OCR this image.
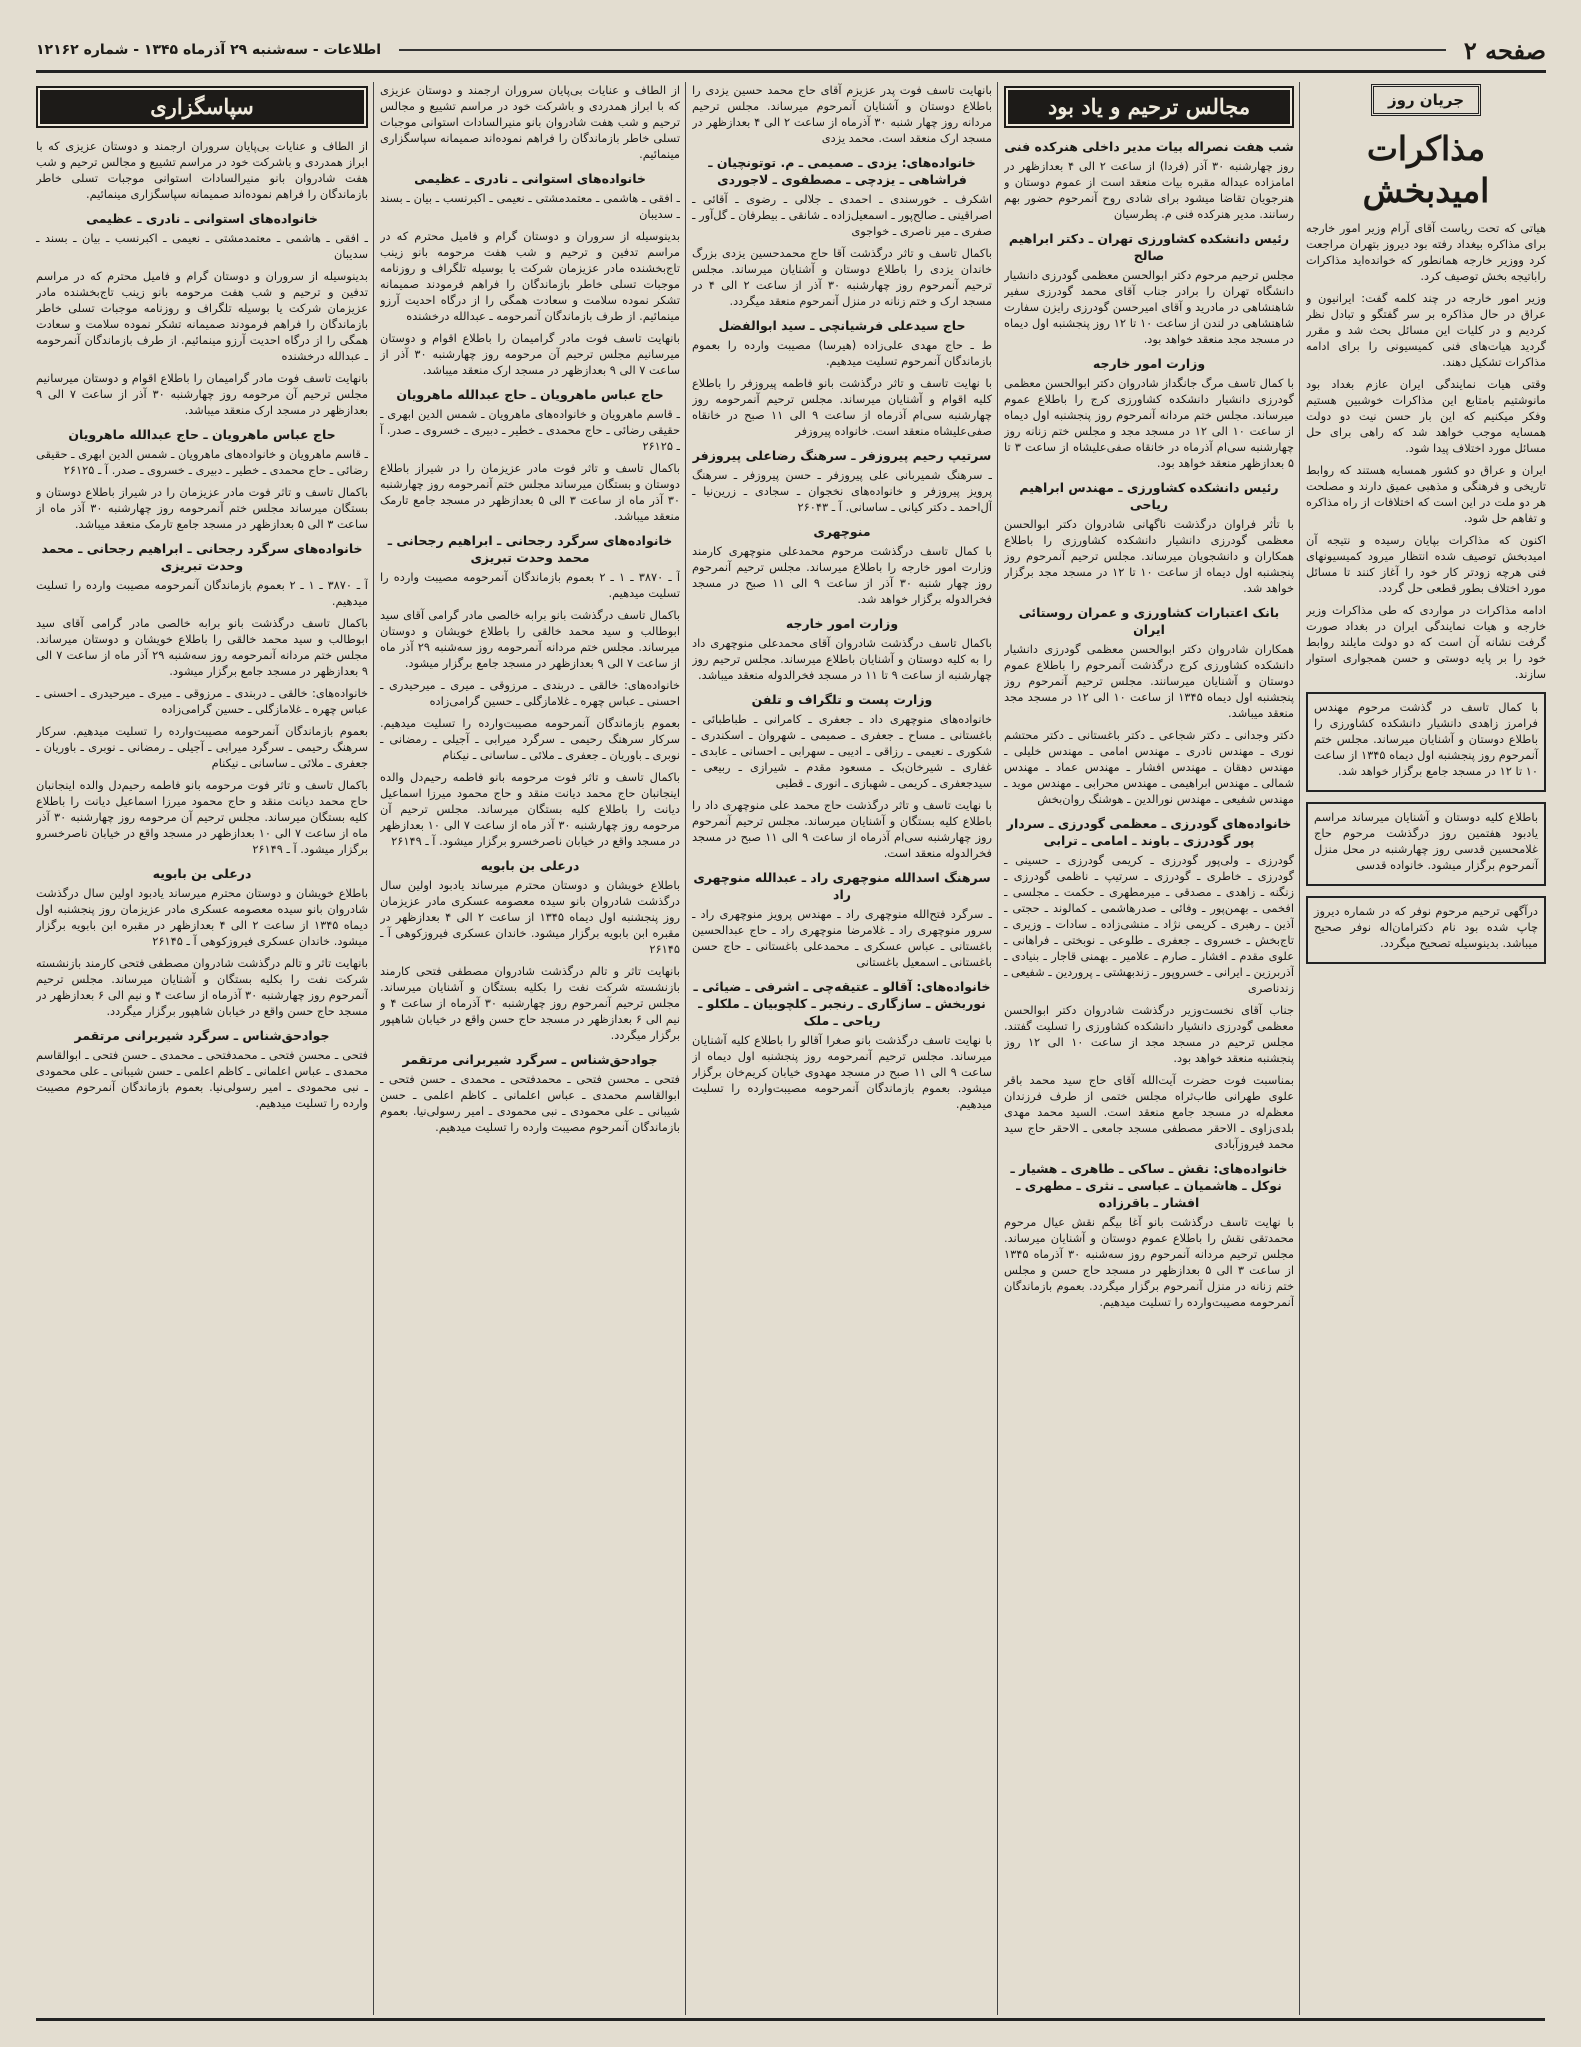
صفحه ۲
اطلاعات - سه‌شنبه ۲۹ آذرماه ۱۳۴۵ - شماره ۱۲۱۶۲
جریان روز
مذاکرات امیدبخش

هیاتی که تحت ریاست آقای آرام وزیر امور خارجه برای مذاکره بیغداد رفته بود دیروز بتهران مراجعت کرد ووزیر خارجه همانطور که خوانده‌اید مذاکرات راباتیجه بخش توصیف کرد.

وزیر امور خارجه در چند کلمه گفت: ایرانیون و عراق در حال مذاکره بر سر گفتگو و تبادل نظر کردیم و در کلیات این مسائل بحث شد و مقرر گردید هیات‌های فنی کمیسیونی را برای ادامه مذاکرات تشکیل دهند.

وقتی هیات نمایندگی ایران عازم بغداد بود مانوشتیم بامتابع این مذاکرات خوشبین هستیم وفکر میکنیم که این بار حسن نیت دو دولت همسایه موجب خواهد شد که راهی برای حل مسائل مورد اختلاف پیدا شود.

ایران و عراق دو کشور همسایه هستند که روابط تاریخی و فرهنگی و مذهبی عمیق دارند و مصلحت هر دو ملت در این است که اختلافات از راه مذاکره و تفاهم حل شود.

اکنون که مذاکرات بپایان رسیده و نتیجه آن امیدبخش توصیف شده انتظار میرود کمیسیونهای فنی هرچه زودتر کار خود را آغاز کنند تا مسائل مورد اختلاف بطور قطعی حل گردد.

ادامه مذاکرات در مواردی که طی مذاکرات وزیر خارجه و هیات نمایندگی ایران در بغداد صورت گرفت نشانه آن است که دو دولت مایلند روابط خود را بر پایه دوستی و حسن همجواری استوار سازند.

با کمال تاسف در گذشت مرحوم مهندس فرامرز زاهدی دانشیار دانشکده کشاورزی را باطلاع دوستان و آشنایان میرساند. مجلس ختم آنمرحوم روز پنجشنبه اول دیماه ۱۳۴۵ از ساعت ۱۰ تا ۱۲ در مسجد جامع برگزار خواهد شد.

باطلاع کلیه دوستان و آشنایان میرساند مراسم یادبود هفتمین روز درگذشت مرحوم حاج غلامحسین قدسی روز چهارشنبه در محل منزل آنمرحوم برگزار میشود. خانواده قدسی

درآگهی ترحیم مرحوم نوفر که در شماره دیروز چاپ شده بود نام دکترامان‌اله نوفر صحیح میباشد. بدینوسیله تصحیح میگردد.

مجالس ترحیم و یاد بود
شب هفت نصراله بیات مدیر داخلی هنرکده فنی

روز چهارشنبه ۳۰ آذر (فردا) از ساعت ۲ الی ۴ بعدازظهر در امامزاده عبداله مقبره بیات منعقد است از عموم دوستان و هنرجویان تقاضا میشود برای شادی روح آنمرحوم حضور بهم رسانند. مدیر هنرکده فنی م. پطرسیان

رئیس دانشکده کشاورزی تهران ـ دکتر ابراهیم صالح

مجلس ترحیم مرحوم دکتر ابوالحسن معظمی گودرزی دانشیار دانشگاه تهران را برادر جناب آقای محمد گودرزی سفیر شاهنشاهی در مادرید و آقای امیرحسن گودرزی رایزن سفارت شاهنشاهی در لندن از ساعت ۱۰ تا ۱۲ روز پنجشنبه اول دیماه در مسجد مجد منعقد خواهد بود.

وزارت امور خارجه

با کمال تاسف مرگ جانگداز شادروان دکتر ابوالحسن معظمی گودرزی دانشیار دانشکده کشاورزی کرج را باطلاع عموم میرساند. مجلس ختم مردانه آنمرحوم روز پنجشنبه اول دیماه از ساعت ۱۰ الی ۱۲ در مسجد مجد و مجلس ختم زنانه روز چهارشنبه سی‌ام آذرماه در خانقاه صفی‌علیشاه از ساعت ۳ تا ۵ بعدازظهر منعقد خواهد بود.

رئیس دانشکده کشاورزی ـ مهندس ابراهیم ریاحی

با تأثر فراوان درگذشت ناگهانی شادروان دکتر ابوالحسن معظمی گودرزی دانشیار دانشکده کشاورزی را باطلاع همکاران و دانشجویان میرساند. مجلس ترحیم آنمرحوم روز پنجشنبه اول دیماه از ساعت ۱۰ تا ۱۲ در مسجد مجد برگزار خواهد شد.

بانک اعتبارات کشاورزی و عمران روستائی ایران

همکاران شادروان دکتر ابوالحسن معظمی گودرزی دانشیار دانشکده کشاورزی کرج درگذشت آنمرحوم را باطلاع عموم دوستان و آشنایان میرسانند. مجلس ترحیم آنمرحوم روز پنجشنبه اول دیماه ۱۳۴۵ از ساعت ۱۰ الی ۱۲ در مسجد مجد منعقد میباشد.

دکتر وجدانی ـ دکتر شجاعی ـ دکتر باغستانی ـ دکتر محتشم نوری ـ مهندس نادری ـ مهندس امامی ـ مهندس خلیلی ـ مهندس دهقان ـ مهندس افشار ـ مهندس عماد ـ مهندس شمالی ـ مهندس ابراهیمی ـ مهندس محرابی ـ مهندس موید ـ مهندس شفیعی ـ مهندس نورالدین ـ هوشنگ روان‌بخش

خانواده‌های گودرزی ـ معظمی گودرزی ـ سردار پور گودرزی ـ باوند ـ امامی ـ ترابی

گودرزی ـ ولی‌پور گودرزی ـ کریمی گودرزی ـ حسینی ـ گودرزی ـ خاطری ـ گودرزی ـ سرتیپ ـ ناظمی گودرزی ـ زنگنه ـ زاهدی ـ مصدقی ـ میرمطهری ـ حکمت ـ مجلسی ـ افخمی ـ بهمن‌پور ـ وفائی ـ صدرهاشمی ـ کمالوند ـ حجتی ـ آذین ـ رهبری ـ کریمی نژاد ـ منشی‌زاده ـ سادات ـ وزیری ـ تاج‌بخش ـ خسروی ـ جعفری ـ طلوعی ـ نوبختی ـ فراهانی ـ علوی مقدم ـ افشار ـ صارم ـ علامیر ـ بهمنی قاجار ـ بنیادی ـ آذربرزین ـ ایرانی ـ خسروپور ـ زندبهشتی ـ پروردین ـ شفیعی ـ زندناصری

جناب آقای نخست‌وزیر درگذشت شادروان دکتر ابوالحسن معظمی گودرزی دانشیار دانشکده کشاورزی را تسلیت گفتند. مجلس ترحیم در مسجد مجد از ساعت ۱۰ الی ۱۲ روز پنجشنبه منعقد خواهد بود.

بمناسبت فوت حضرت آیت‌الله آقای حاج سید محمد باقر علوی طهرانی طاب‌ثراه مجلس ختمی از طرف فرزندان معظم‌له در مسجد جامع منعقد است. السید محمد مهدی بلدی‌زاوی ـ الاحقر مصطفی مسجد جامعی ـ الاحقر حاج سید محمد فیروزآبادی

خانواده‌های: نقش ـ ساکی ـ طاهری ـ هشیار ـ نوکل ـ هاشمیان ـ عباسی ـ نثری ـ مطهری ـ افشار ـ باقرزاده

با نهایت تاسف درگذشت بانو آغا بیگم نقش عیال مرحوم محمدتقی نقش را باطلاع عموم دوستان و آشنایان میرساند. مجلس ترحیم مردانه آنمرحوم روز سه‌شنبه ۳۰ آذرماه ۱۳۴۵ از ساعت ۳ الی ۵ بعدازظهر در مسجد حاج حسن و مجلس ختم زنانه در منزل آنمرحوم برگزار میگردد. بعموم بازماندگان آنمرحومه مصیبت‌وارده را تسلیت میدهیم.

بانهایت تاسف فوت پدر عزیزم آقای حاج محمد حسین یزدی را باطلاع دوستان و آشنایان آنمرحوم میرساند. مجلس ترحیم مردانه روز چهار شنبه ۳۰ آذرماه از ساعت ۲ الی ۴ بعدازظهر در مسجد ارک منعقد است. محمد یزدی

خانواده‌های: یزدی ـ صمیمی ـ م. توتونچیان ـ فراشاهی ـ یزدچی ـ مصطفوی ـ لاجوردی

اشکرف ـ خورسندی ـ احمدی ـ جلالی ـ رضوی ـ آقائی ـ اصراقینی ـ صالح‌پور ـ اسمعیل‌زاده ـ شانقی ـ بیطرفان ـ گل‌آور ـ صفری ـ میر ناصری ـ خواجوی

باکمال تاسف و تاثر درگذشت آقا حاج محمدحسین یزدی بزرگ خاندان یزدی را باطلاع دوستان و آشنایان میرساند. مجلس ترحیم آنمرحوم روز چهارشنبه ۳۰ آذر از ساعت ۲ الی ۴ در مسجد ارک و ختم زنانه در منزل آنمرحوم منعقد میگردد.

حاج سیدعلی فرشیانچی ـ سید ابوالفضل

ط ـ حاج مهدی علی‌زاده (هیرسا) مصیبت وارده را بعموم بازماندگان آنمرحوم تسلیت میدهیم.

با نهایت تاسف و تاثر درگذشت بانو فاطمه پیروزفر را باطلاع کلیه اقوام و آشنایان میرساند. مجلس ترحیم آنمرحومه روز چهارشنبه سی‌ام آذرماه از ساعت ۹ الی ۱۱ صبح در خانقاه صفی‌علیشاه منعقد است. خانواده پیروزفر

سرتیپ رحیم پیروزفر ـ سرهنگ رضاعلی پیروزفر

ـ سرهنگ شمیربانی علی پیروزفر ـ حسن پیروزفر ـ سرهنگ پرویز پیروزفر و خانواده‌های نخجوان ـ سجادی ـ زرین‌نیا ـ آل‌احمد ـ دکتر کیانی ـ ساسانی. آ ـ ۲۶۰۴۳

منوچهری

با کمال تاسف درگذشت مرحوم محمدعلی منوچهری کارمند وزارت امور خارجه را باطلاع میرساند. مجلس ترحیم آنمرحوم روز چهار شنبه ۳۰ آذر از ساعت ۹ الی ۱۱ صبح در مسجد فخرالدوله برگزار خواهد شد.

وزارت امور خارجه

باکمال تاسف درگذشت شادروان آقای محمدعلی منوچهری داد را به کلیه دوستان و آشنایان باطلاع میرساند. مجلس ترحیم روز چهارشنبه از ساعت ۹ تا ۱۱ در مسجد فخرالدوله منعقد میباشد.

وزارت پست و تلگراف و تلفن

خانواده‌های منوچهری داد ـ جعفری ـ کامرانی ـ طباطبائی ـ باغستانی ـ مساح ـ جعفری ـ صمیمی ـ شهروان ـ اسکندری ـ شکوری ـ نعیمی ـ رزاقی ـ ادیبی ـ سهرابی ـ احسانی ـ عابدی ـ غفاری ـ شیرخان‌بک ـ مسعود مقدم ـ شیرازی ـ ربیعی ـ سیدجعفری ـ کریمی ـ شهبازی ـ انوری ـ قطبی

با نهایت تاسف و تاثر درگذشت حاج محمد علی منوچهری داد را باطلاع کلیه بستگان و آشنایان میرساند. مجلس ترحیم آنمرحوم روز چهارشنبه سی‌ام آذرماه از ساعت ۹ الی ۱۱ صبح در مسجد فخرالدوله منعقد است.

سرهنگ اسدالله منوچهری راد ـ عبدالله منوچهری راد

ـ سرگرد فتح‌الله منوچهری راد ـ مهندس پرویز منوچهری راد ـ سرور منوچهری راد ـ غلامرضا منوچهری راد ـ حاج عبدالحسین باغستانی ـ عباس عسکری ـ محمدعلی باغستانی ـ حاج حسن باغستانی ـ اسمعیل باغستانی

خانواده‌های: آقالو ـ عتیقه‌چی ـ اشرفی ـ ضیائی ـ نوربخش ـ سازگاری ـ رنجبر ـ کلچوبیان ـ ملکلو ـ ریاحی ـ ملک

با نهایت تاسف درگذشت بانو صغرا آقالو را باطلاع کلیه آشنایان میرساند. مجلس ترحیم آنمرحومه روز پنجشنبه اول دیماه از ساعت ۹ الی ۱۱ صبح در مسجد مهدوی خیابان کریم‌خان برگزار میشود. بعموم بازماندگان آنمرحومه مصیبت‌وارده را تسلیت میدهیم.

از الطاف و عنایات بی‌پایان سروران ارجمند و دوستان عزیزی که با ابراز همدردی و باشرکت خود در مراسم تشییع و مجالس ترحیم و شب هفت شادروان بانو منیرالسادات استوانی موجبات تسلی خاطر بازماندگان را فراهم نموده‌اند صمیمانه سپاسگزاری مینمائیم.

خانواده‌های استوانی ـ نادری ـ عظیمی

ـ افقی ـ هاشمی ـ معتمدمشتی ـ نعیمی ـ اکبرنسب ـ بیان ـ بسند ـ سدیبان

بدینوسیله از سروران و دوستان گرام و فامیل محترم که در مراسم تدفین و ترحیم و شب هفت مرحومه بانو زینب تاج‌بخشنده مادر عزیزمان شرکت یا بوسیله تلگراف و روزنامه موجبات تسلی خاطر بازماندگان را فراهم فرمودند صمیمانه تشکر نموده سلامت و سعادت همگی را از درگاه احدیت آرزو مینمائیم. از طرف بازماندگان آنمرحومه ـ عبدالله درخشنده

بانهایت تاسف فوت مادر گرامیمان را باطلاع اقوام و دوستان میرسانیم مجلس ترحیم آن مرحومه روز چهارشنبه ۳۰ آذر از ساعت ۷ الی ۹ بعدازظهر در مسجد ارک منعقد میباشد.

حاج عباس ماهرویان ـ حاج عبدالله ماهرویان

ـ قاسم ماهرویان و خانواده‌های ماهرویان ـ شمس الدین ابهری ـ حقیقی رضائی ـ حاج محمدی ـ خطیر ـ دبیری ـ خسروی ـ صدر. آ ـ ۲۶۱۲۵

باکمال تاسف و تاثر فوت مادر عزیزمان را در شیراز باطلاع دوستان و بستگان میرساند مجلس ختم آنمرحومه روز چهارشنبه ۳۰ آذر ماه از ساعت ۳ الی ۵ بعدازظهر در مسجد جامع تارمک منعقد میباشد.

خانواده‌های سرگرد رجحانی ـ ابراهیم رجحانی ـ محمد وحدت تبریزی

آ ـ ۳۸۷۰ ـ ۱ ـ ۲ بعموم بازماندگان آنمرحومه مصیبت وارده را تسلیت میدهیم.

باکمال تاسف درگذشت بانو برابه خالصی مادر گرامی آقای سید ابوطالب و سید محمد خالقی را باطلاع خویشان و دوستان میرساند. مجلس ختم مردانه آنمرحومه روز سه‌شنبه ۲۹ آذر ماه از ساعت ۷ الی ۹ بعدازظهر در مسجد جامع برگزار میشود.

خانواده‌های: خالقی ـ دربندی ـ مرزوقی ـ میری ـ میرحیدری ـ احسنی ـ عباس چهره ـ غلامازگلی ـ حسین گرامی‌زاده

بعموم بازماندگان آنمرحومه مصیبت‌وارده را تسلیت میدهیم. سرکار سرهنگ رحیمی ـ سرگرد میرابی ـ آجیلی ـ رمضانی ـ نوبری ـ باوریان ـ جعفری ـ ملائی ـ ساسانی ـ نیکنام

باکمال تاسف و تاثر فوت مرحومه بانو فاطمه رحیم‌دل والده اینجانبان حاج محمد دیانت منقد و حاج محمود میرزا اسماعیل دیانت را باطلاع کلیه بستگان میرساند. مجلس ترحیم آن مرحومه روز چهارشنبه ۳۰ آذر ماه از ساعت ۷ الی ۱۰ بعدازظهر در مسجد واقع در خیابان ناصرخسرو برگزار میشود. آ ـ ۲۶۱۴۹

درعلی بن بابویه

باطلاع خویشان و دوستان محترم میرساند یادبود اولین سال درگذشت شادروان بانو سیده معصومه عسکری مادر عزیزمان روز پنجشنبه اول دیماه ۱۳۴۵ از ساعت ۲ الی ۴ بعدازظهر در مقبره ابن بابویه برگزار میشود. خاندان عسکری فیروزکوهی آ ـ ۲۶۱۴۵

بانهایت تاثر و تالم درگذشت شادروان مصطفی فتحی کارمند بازنشسته شرکت نفت را بکلیه بستگان و آشنایان میرساند. مجلس ترحیم آنمرحوم روز چهارشنبه ۳۰ آذرماه از ساعت ۴ و نیم الی ۶ بعدازظهر در مسجد حاج حسن واقع در خیابان شاهپور برگزار میگردد.

جوادحق‌شناس ـ سرگرد شیربرانی مرتقمر

فتحی ـ محسن فتحی ـ محمدفتحی ـ محمدی ـ حسن فتحی ـ ابوالقاسم محمدی ـ عباس اعلمانی ـ کاظم اعلمی ـ حسن شیبانی ـ علی محمودی ـ نبی محمودی ـ امیر رسولی‌نیا. بعموم بازماندگان آنمرحوم مصیبت وارده را تسلیت میدهیم.

سپاسگزاری

از الطاف و عنایات بی‌پایان سروران ارجمند و دوستان عزیزی که با ابراز همدردی و باشرکت خود در مراسم تشییع و مجالس ترحیم و شب هفت شادروان بانو منیرالسادات استوانی موجبات تسلی خاطر بازماندگان را فراهم نموده‌اند صمیمانه سپاسگزاری مینمائیم.

خانواده‌های استوانی ـ نادری ـ عظیمی

ـ افقی ـ هاشمی ـ معتمدمشتی ـ نعیمی ـ اکبرنسب ـ بیان ـ بسند ـ سدیبان

بدینوسیله از سروران و دوستان گرام و فامیل محترم که در مراسم تدفین و ترحیم و شب هفت مرحومه بانو زینب تاج‌بخشنده مادر عزیزمان شرکت یا بوسیله تلگراف و روزنامه موجبات تسلی خاطر بازماندگان را فراهم فرمودند صمیمانه تشکر نموده سلامت و سعادت همگی را از درگاه احدیت آرزو مینمائیم. از طرف بازماندگان آنمرحومه ـ عبدالله درخشنده

بانهایت تاسف فوت مادر گرامیمان را باطلاع اقوام و دوستان میرسانیم مجلس ترحیم آن مرحومه روز چهارشنبه ۳۰ آذر از ساعت ۷ الی ۹ بعدازظهر در مسجد ارک منعقد میباشد.

حاج عباس ماهرویان ـ حاج عبدالله ماهرویان

ـ قاسم ماهرویان و خانواده‌های ماهرویان ـ شمس الدین ابهری ـ حقیقی رضائی ـ حاج محمدی ـ خطیر ـ دبیری ـ خسروی ـ صدر. آ ـ ۲۶۱۲۵

باکمال تاسف و تاثر فوت مادر عزیزمان را در شیراز باطلاع دوستان و بستگان میرساند مجلس ختم آنمرحومه روز چهارشنبه ۳۰ آذر ماه از ساعت ۳ الی ۵ بعدازظهر در مسجد جامع تارمک منعقد میباشد.

خانواده‌های سرگرد رجحانی ـ ابراهیم رجحانی ـ محمد وحدت تبریزی

آ ـ ۳۸۷۰ ـ ۱ ـ ۲ بعموم بازماندگان آنمرحومه مصیبت وارده را تسلیت میدهیم.

باکمال تاسف درگذشت بانو برابه خالصی مادر گرامی آقای سید ابوطالب و سید محمد خالقی را باطلاع خویشان و دوستان میرساند. مجلس ختم مردانه آنمرحومه روز سه‌شنبه ۲۹ آذر ماه از ساعت ۷ الی ۹ بعدازظهر در مسجد جامع برگزار میشود.

خانواده‌های: خالقی ـ دربندی ـ مرزوقی ـ میری ـ میرحیدری ـ احسنی ـ عباس چهره ـ غلامازگلی ـ حسین گرامی‌زاده

بعموم بازماندگان آنمرحومه مصیبت‌وارده را تسلیت میدهیم. سرکار سرهنگ رحیمی ـ سرگرد میرابی ـ آجیلی ـ رمضانی ـ نوبری ـ باوریان ـ جعفری ـ ملائی ـ ساسانی ـ نیکنام

باکمال تاسف و تاثر فوت مرحومه بانو فاطمه رحیم‌دل والده اینجانبان حاج محمد دیانت منقد و حاج محمود میرزا اسماعیل دیانت را باطلاع کلیه بستگان میرساند. مجلس ترحیم آن مرحومه روز چهارشنبه ۳۰ آذر ماه از ساعت ۷ الی ۱۰ بعدازظهر در مسجد واقع در خیابان ناصرخسرو برگزار میشود. آ ـ ۲۶۱۴۹

درعلی بن بابویه

باطلاع خویشان و دوستان محترم میرساند یادبود اولین سال درگذشت شادروان بانو سیده معصومه عسکری مادر عزیزمان روز پنجشنبه اول دیماه ۱۳۴۵ از ساعت ۲ الی ۴ بعدازظهر در مقبره ابن بابویه برگزار میشود. خاندان عسکری فیروزکوهی آ ـ ۲۶۱۴۵

بانهایت تاثر و تالم درگذشت شادروان مصطفی فتحی کارمند بازنشسته شرکت نفت را بکلیه بستگان و آشنایان میرساند. مجلس ترحیم آنمرحوم روز چهارشنبه ۳۰ آذرماه از ساعت ۴ و نیم الی ۶ بعدازظهر در مسجد حاج حسن واقع در خیابان شاهپور برگزار میگردد.

جوادحق‌شناس ـ سرگرد شیربرانی مرتقمر

فتحی ـ محسن فتحی ـ محمدفتحی ـ محمدی ـ حسن فتحی ـ ابوالقاسم محمدی ـ عباس اعلمانی ـ کاظم اعلمی ـ حسن شیبانی ـ علی محمودی ـ نبی محمودی ـ امیر رسولی‌نیا. بعموم بازماندگان آنمرحوم مصیبت وارده را تسلیت میدهیم.
